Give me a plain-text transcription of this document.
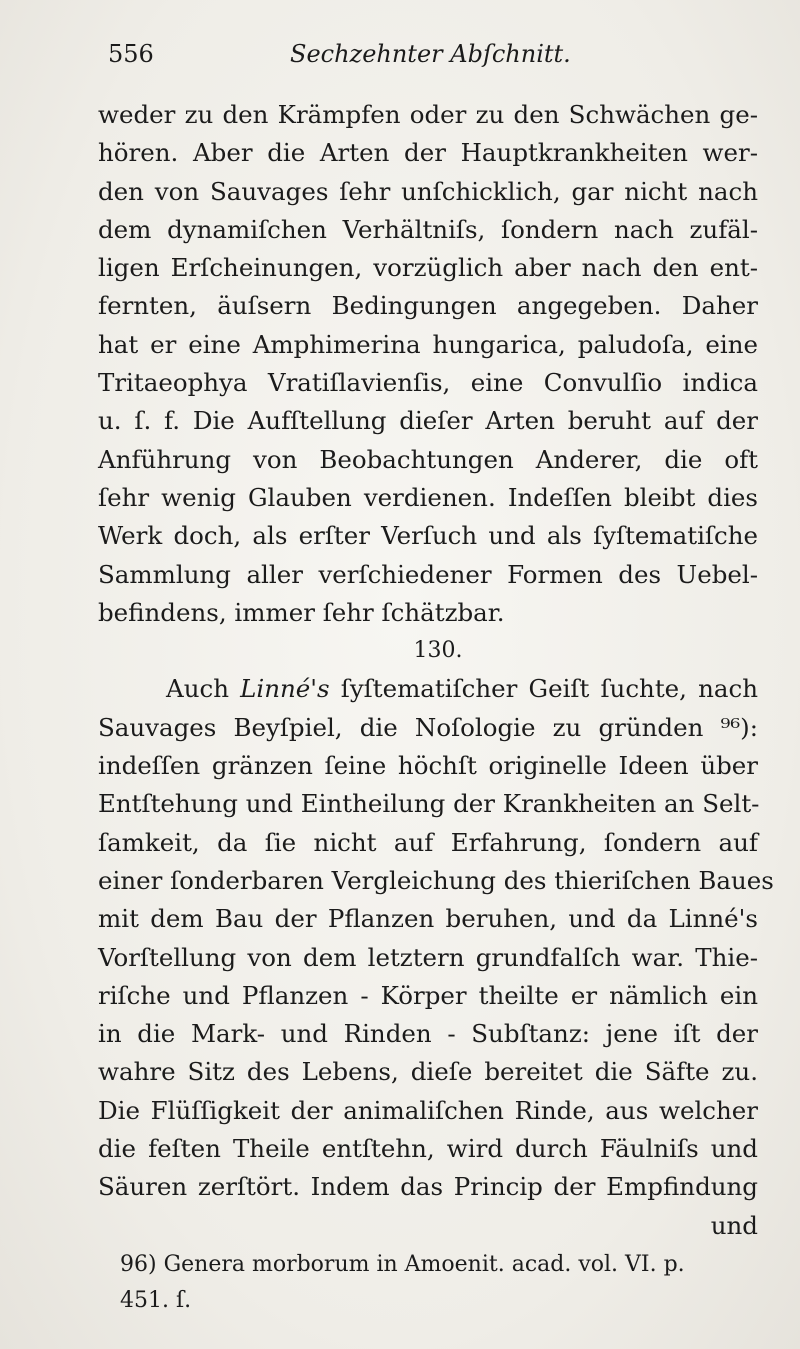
556	Sechzehnter Abſchnitt.
weder zu den Krämpfen oder zu den Schwächen ge-
hören. Aber die Arten der Hauptkrankheiten wer-
den von Sauvages ſehr unſchicklich, gar nicht nach
dem dynamiſchen Verhältniſs, ſondern nach zufäl-
ligen Erſcheinungen, vorzüglich aber nach den ent-
fernten, äuſsern Bedingungen angegeben. Daher
hat er eine Amphimerina hungarica, paludoſa, eine
Tritaeophya Vratiſlavienſis, eine Convulſio indica
u. ſ. f. Die Aufſtellung dieſer Arten beruht auf der
Anführung von Beobachtungen Anderer, die oft
ſehr wenig Glauben verdienen. Indeſſen bleibt dies
Werk doch, als erſter Verſuch und als ſyſtematiſche
Sammlung aller verſchiedener Formen des Uebel-
befindens, immer ſehr ſchätzbar.
130.
Auch Linné's ſyſtematiſcher Geiſt ſuchte, nach
Sauvages Beyſpiel, die Noſologie zu gründen ⁹⁶):
indeſſen gränzen ſeine höchſt originelle Ideen über
Entſtehung und Eintheilung der Krankheiten an Selt-
ſamkeit, da ſie nicht auf Erfahrung, ſondern auf
einer ſonderbaren Vergleichung des thieriſchen Baues
mit dem Bau der Pflanzen beruhen, und da Linné's
Vorſtellung von dem letztern grundfalſch war. Thie-
riſche und Pflanzen - Körper theilte er nämlich ein
in die Mark- und Rinden - Subſtanz: jene iſt der
wahre Sitz des Lebens, dieſe bereitet die Säfte zu.
Die Flüſſigkeit der animaliſchen Rinde, aus welcher
die feſten Theile entſtehn, wird durch Fäulniſs und
Säuren zerſtört. Indem das Princip der Empfindung
und
96) Genera morborum in Amoenit. acad. vol. VI. p.
451. ſ.
